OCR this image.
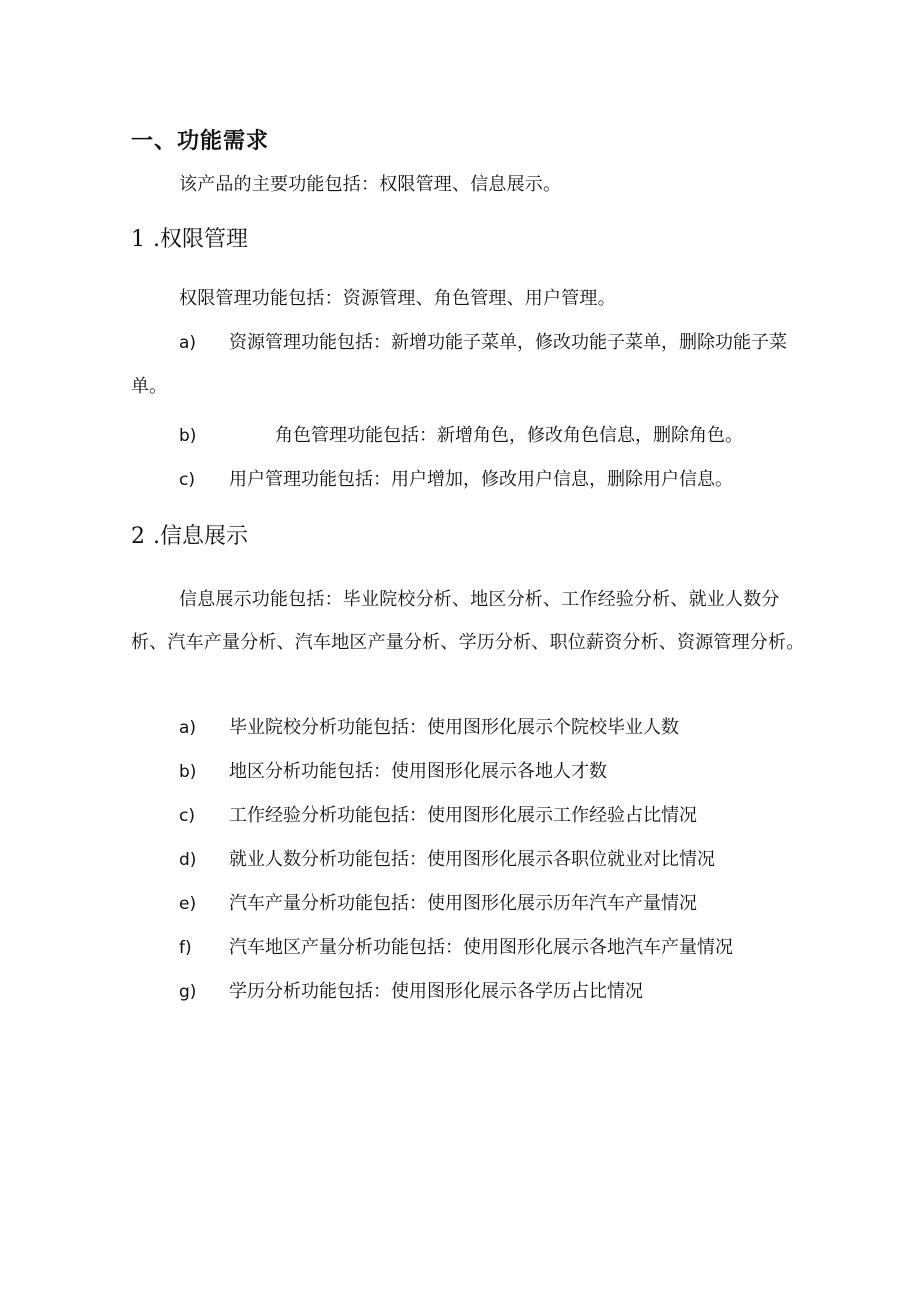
一、功能需求
该产品的主要功能包括：权限管理、信息展示。
1 .权限管理
权限管理功能包括：资源管理、角色管理、用户管理。
a) 资源管理功能包括：新增功能子菜单，修改功能子菜单，删除功能子菜单。
b)	角色管理功能包括：新增角色，修改角色信息，删除角色。
c) 用户管理功能包括：用户增加，修改用户信息，删除用户信息。
2 .信息展示
信息展示功能包括：毕业院校分析、地区分析、工作经验分析、就业人数分析、汽车产量分析、汽车地区产量分析、学历分析、职位薪资分析、资源管理分析。
a) 毕业院校分析功能包括：使用图形化展示个院校毕业人数
b) 地区分析功能包括：使用图形化展示各地人才数
c) 工作经验分析功能包括：使用图形化展示工作经验占比情况
d) 就业人数分析功能包括：使用图形化展示各职位就业对比情况
e) 汽车产量分析功能包括：使用图形化展示历年汽车产量情况
f) 汽车地区产量分析功能包括：使用图形化展示各地汽车产量情况
g) 学历分析功能包括：使用图形化展示各学历占比情况
